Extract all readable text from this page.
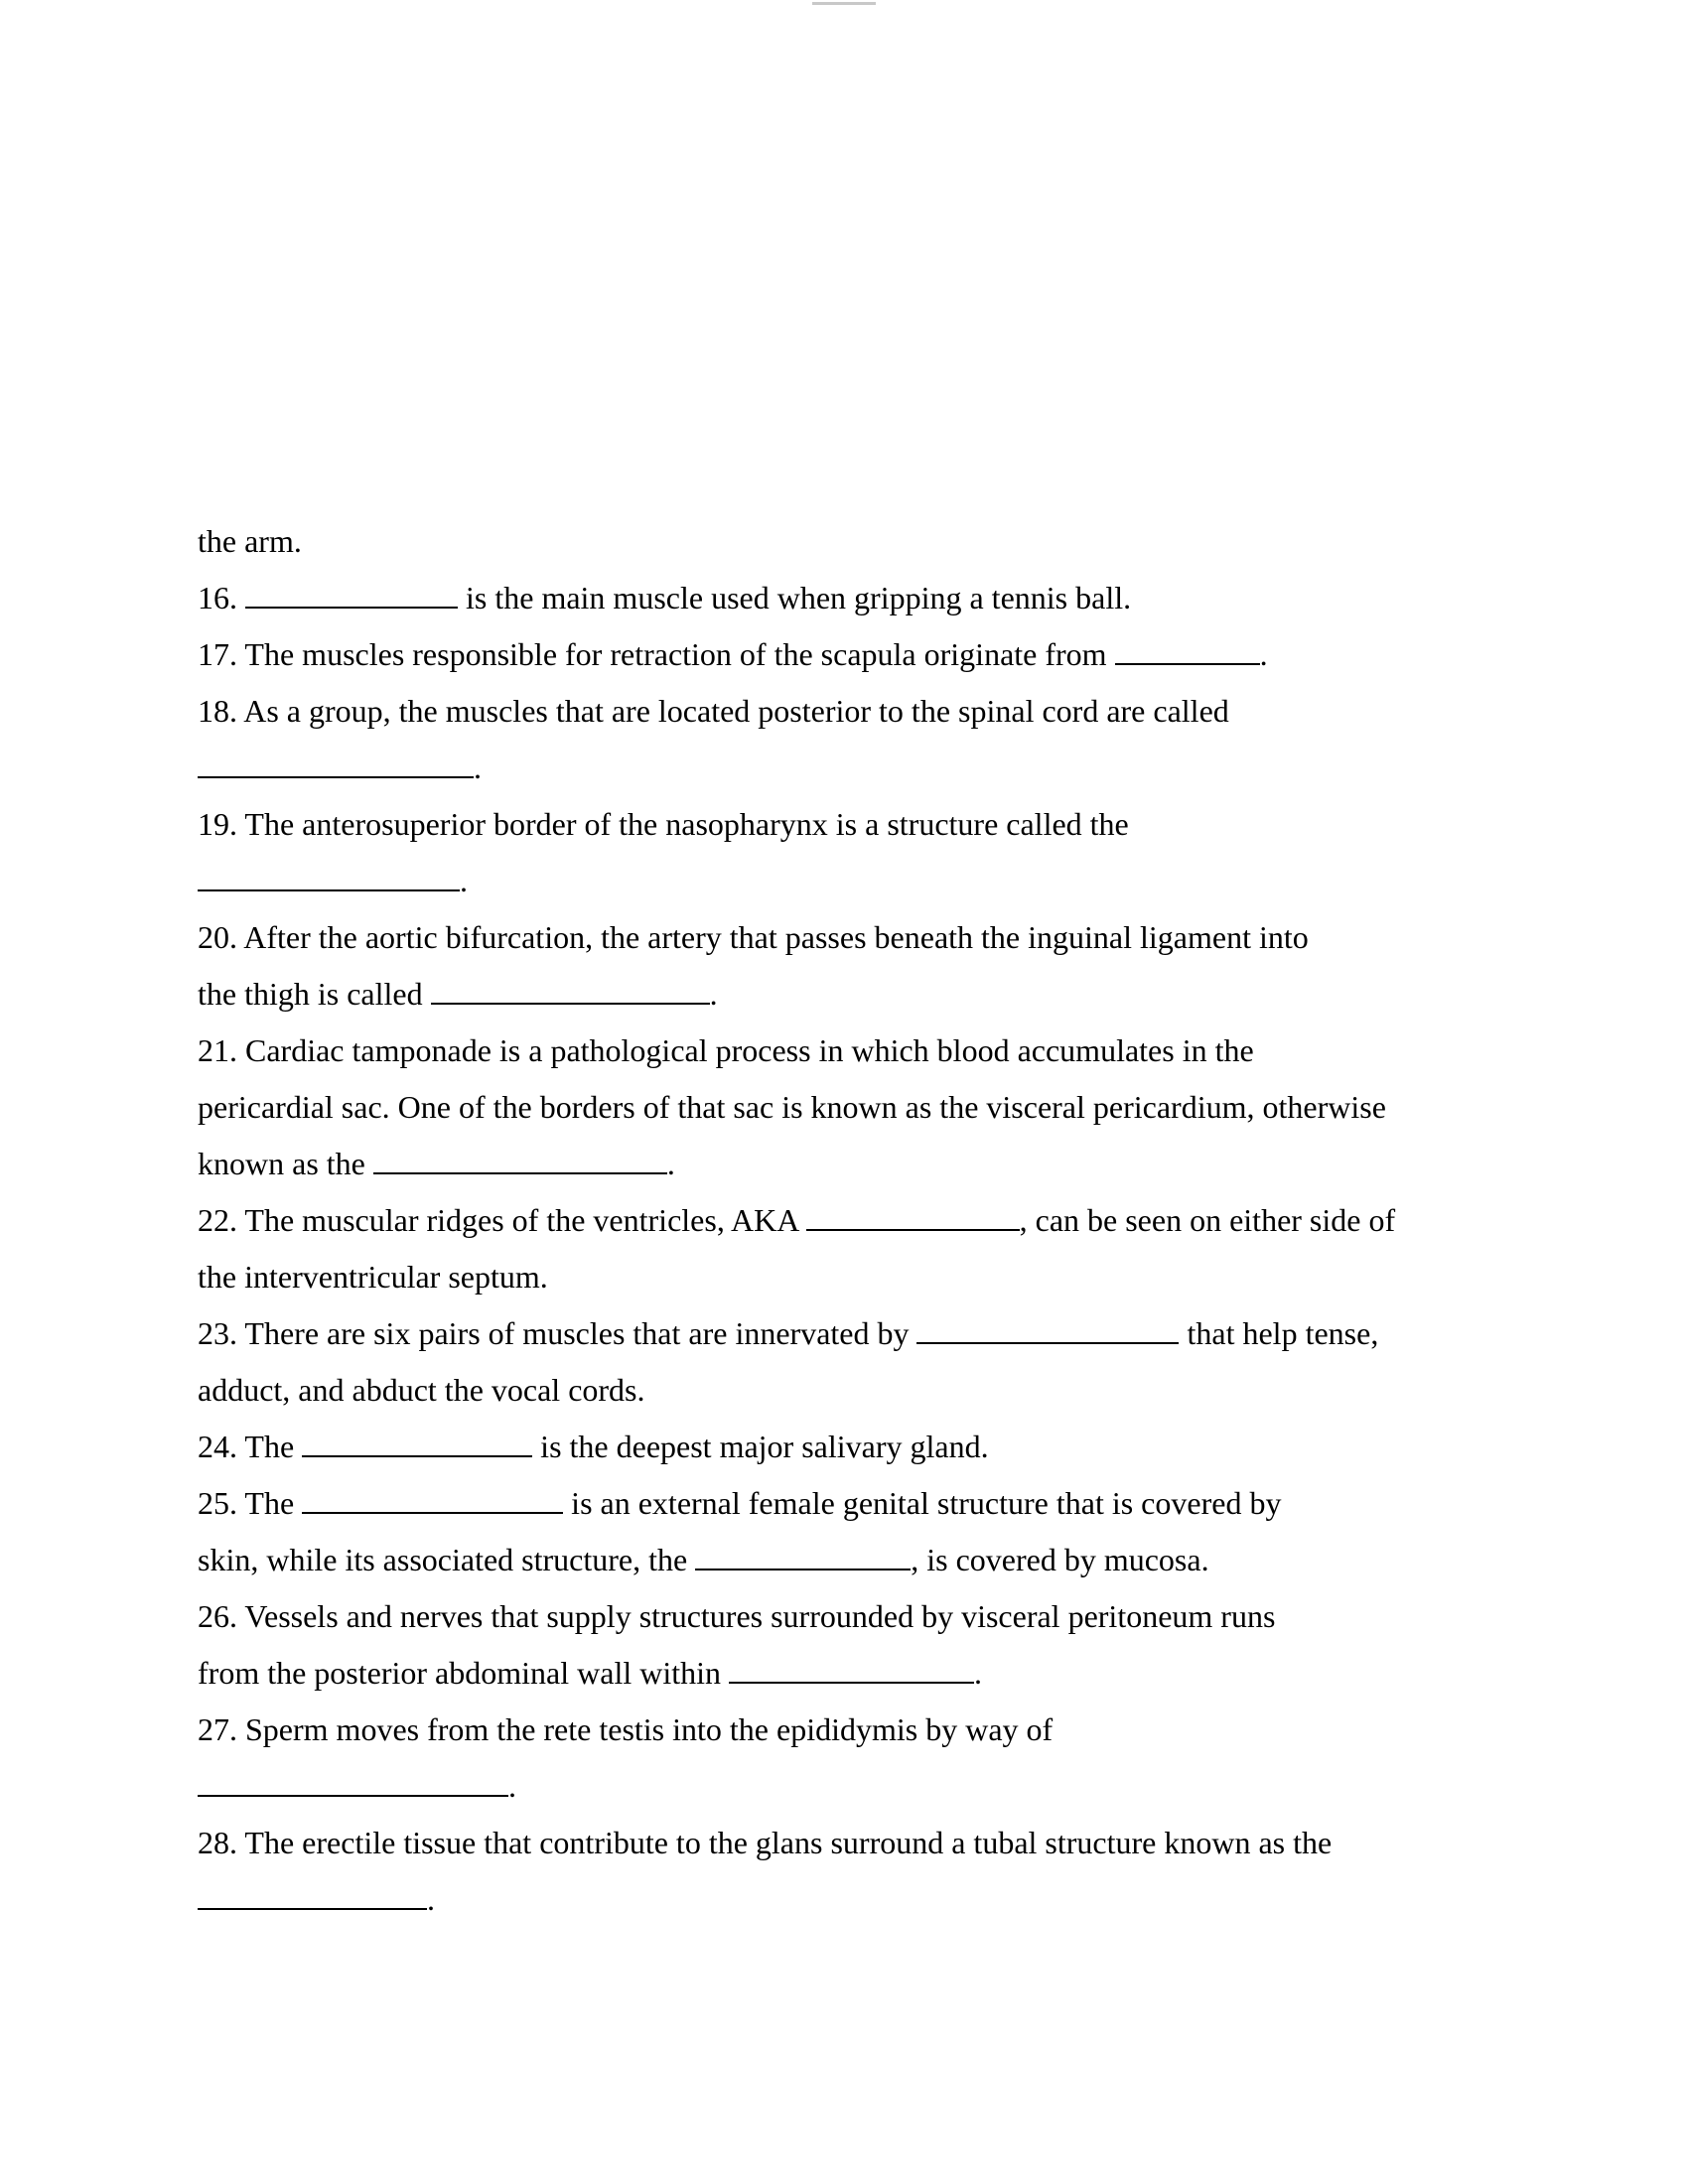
the arm.
16.	is the main muscle used when gripping a tennis ball.
17. The muscles responsible for retraction of the scapula originate from	.
18. As a group, the muscles that are located posterior to the spinal cord are called
.
19. The anterosuperior border of the nasopharynx is a structure called the
.
20. After the aortic bifurcation, the artery that passes beneath the inguinal ligament into
the thigh is called	.
21. Cardiac tamponade is a pathological process in which blood accumulates in the
pericardial sac. One of the borders of that sac is known as the visceral pericardium, otherwise
known as the	.
22. The muscular ridges of the ventricles, AKA	, can be seen on either side of
the interventricular septum.
23. There are six pairs of muscles that are innervated by	that help tense,
adduct, and abduct the vocal cords.
24. The	is the deepest major salivary gland.
25. The	is an external female genital structure that is covered by
skin, while its associated structure, the	, is covered by mucosa.
26. Vessels and nerves that supply structures surrounded by visceral peritoneum runs
from the posterior abdominal wall within	.
27. Sperm moves from the rete testis into the epididymis by way of
.
28. The erectile tissue that contribute to the glans surround a tubal structure known as the
.
